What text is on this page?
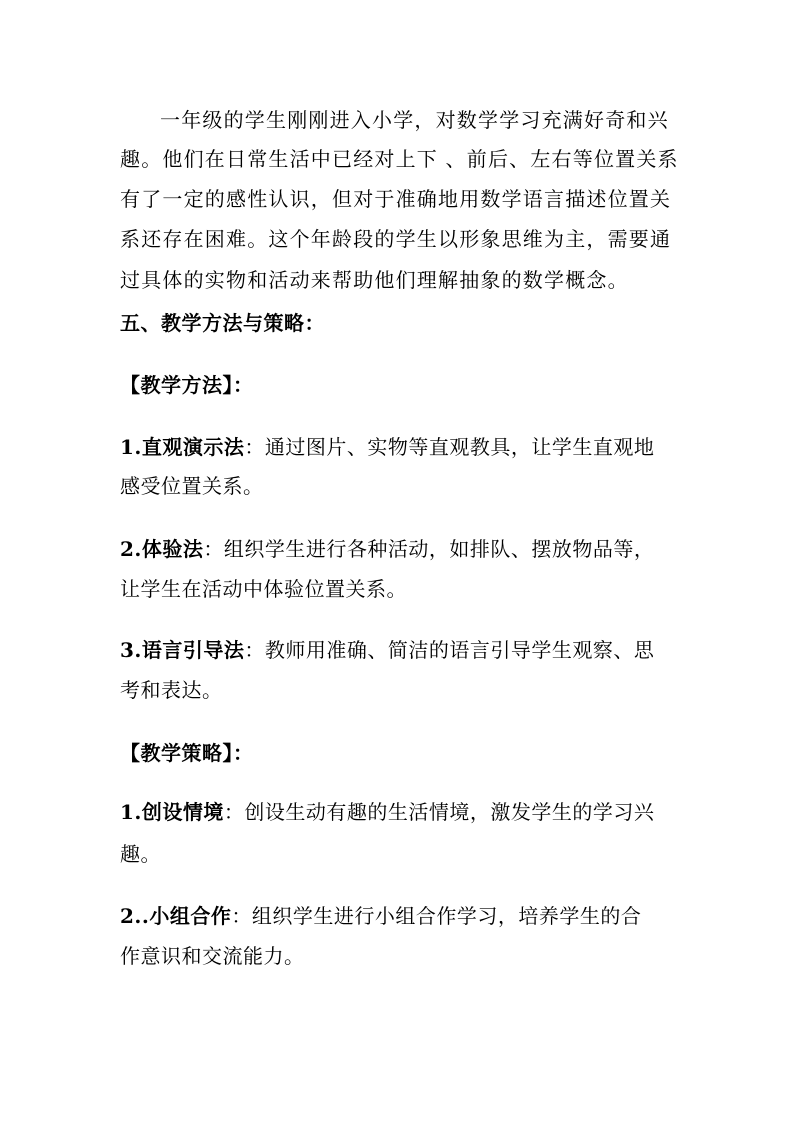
一年级的学生刚刚进入小学，对数学学习充满好奇和兴
趣。他们在日常生活中已经对上下 、前后、左右等位置关系
有了一定的感性认识，但对于准确地用数学语言描述位置关
系还存在困难。这个年龄段的学生以形象思维为主，需要通
过具体的实物和活动来帮助他们理解抽象的数学概念。
五、教学方法与策略：
【教学方法】：
1.直观演示法：通过图片、实物等直观教具，让学生直观地
感受位置关系。
2.体验法：组织学生进行各种活动，如排队、摆放物品等，
让学生在活动中体验位置关系。
3.语言引导法：教师用准确、简洁的语言引导学生观察、思
考和表达。
【教学策略】：
1.创设情境：创设生动有趣的生活情境，激发学生的学习兴
趣。
2..小组合作：组织学生进行小组合作学习，培养学生的合
作意识和交流能力。
